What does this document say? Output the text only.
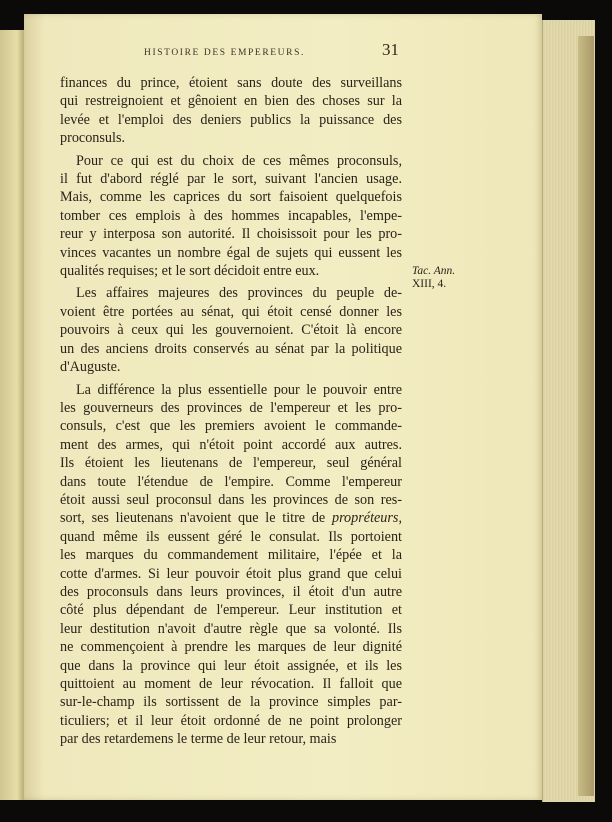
HISTOIRE DES EMPEREURS.	31
finances du prince, étoient sans doute des surveillans
qui restreignoient et gênoient en bien des choses sur la
levée et l'emploi des deniers publics la puissance des
proconsuls.
Pour ce qui est du choix de ces mêmes proconsuls,
il fut d'abord réglé par le sort, suivant l'ancien usage.
Mais, comme les caprices du sort faisoient quelquefois
tomber ces emplois à des hommes incapables, l'empe-
reur y interposa son autorité. Il choisissoit pour les pro-
vinces vacantes un nombre égal de sujets qui eussent les
qualités requises; et le sort décidoit entre eux.
Les affaires majeures des provinces du peuple de-
voient être portées au sénat, qui étoit censé donner les
pouvoirs à ceux qui les gouvernoient. C'étoit là encore
un des anciens droits conservés au sénat par la politique
d'Auguste.
La différence la plus essentielle pour le pouvoir entre
les gouverneurs des provinces de l'empereur et les pro-
consuls, c'est que les premiers avoient le commande-
ment des armes, qui n'étoit point accordé aux autres.
Ils étoient les lieutenans de l'empereur, seul général
dans toute l'étendue de l'empire. Comme l'empereur
étoit aussi seul proconsul dans les provinces de son res-
sort, ses lieutenans n'avoient que le titre de propréteurs,
quand même ils eussent géré le consulat. Ils portoient
les marques du commandement militaire, l'épée et la
cotte d'armes. Si leur pouvoir étoit plus grand que celui
des proconsuls dans leurs provinces, il étoit d'un autre
côté plus dépendant de l'empereur. Leur institution et
leur destitution n'avoit d'autre règle que sa volonté. Ils
ne commençoient à prendre les marques de leur dignité
que dans la province qui leur étoit assignée, et ils les
quittoient au moment de leur révocation. Il falloit que
sur-le-champ ils sortissent de la province simples par-
ticuliers; et il leur étoit ordonné de ne point prolonger
par des retardemens le terme de leur retour, mais
Tac. Ann.
XIII, 4.
